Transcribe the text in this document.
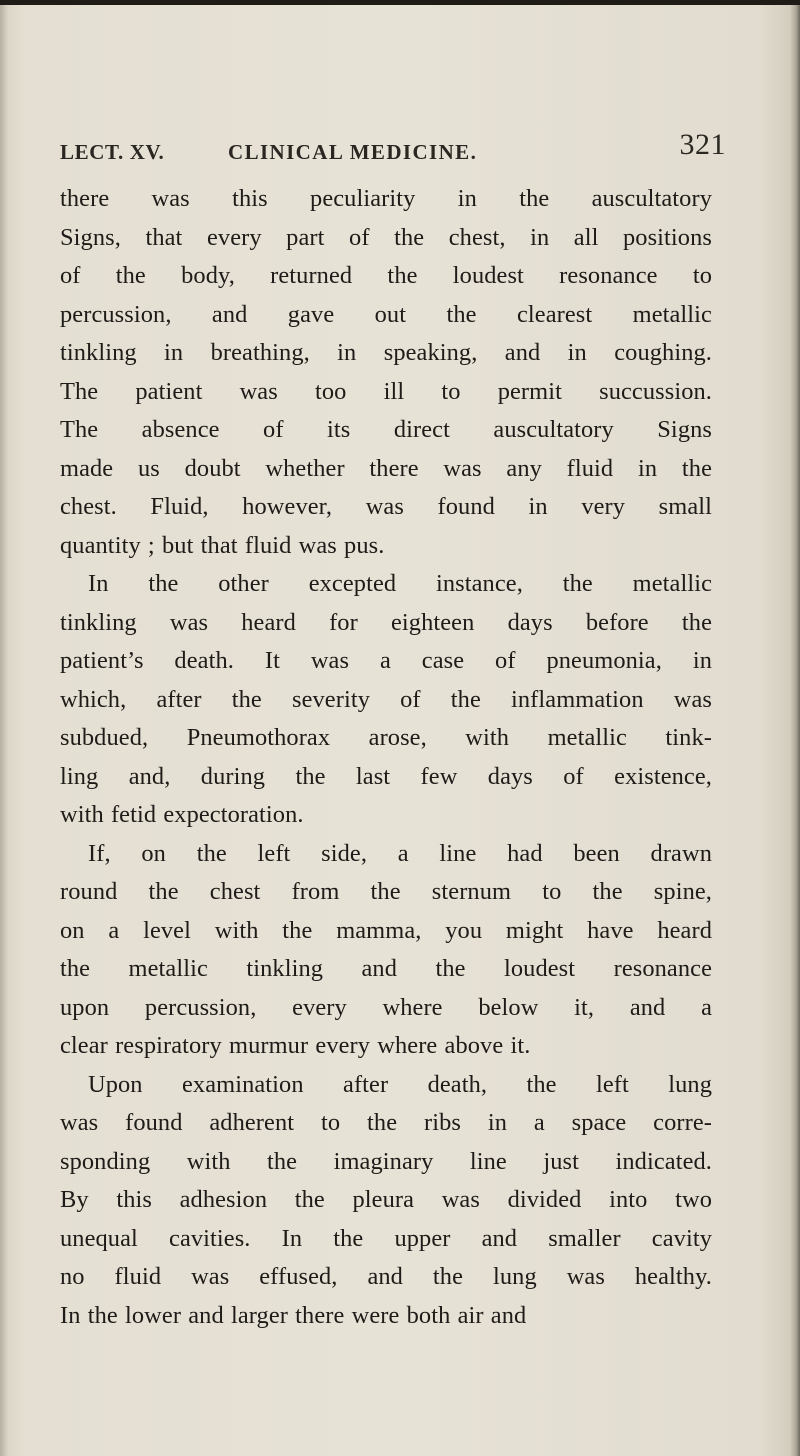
LECT. XV.	CLINICAL MEDICINE.	321
there was this peculiarity in the auscultatory
Signs, that every part of the chest, in all positions
of the body, returned the loudest resonance to
percussion, and gave out the clearest metallic
tinkling in breathing, in speaking, and in coughing.
The patient was too ill to permit succussion.
The absence of its direct auscultatory Signs
made us doubt whether there was any fluid in the
chest. Fluid, however, was found in very small
quantity ; but that fluid was pus.
In the other excepted instance, the metallic
tinkling was heard for eighteen days before the
patient’s death. It was a case of pneumonia, in
which, after the severity of the inflammation was
subdued, Pneumothorax arose, with metallic tink-
ling and, during the last few days of existence,
with fetid expectoration.
If, on the left side, a line had been drawn
round the chest from the sternum to the spine,
on a level with the mamma, you might have heard
the metallic tinkling and the loudest resonance
upon percussion, every where below it, and a
clear respiratory murmur every where above it.
Upon examination after death, the left lung
was found adherent to the ribs in a space corre-
sponding with the imaginary line just indicated.
By this adhesion the pleura was divided into two
unequal cavities. In the upper and smaller cavity
no fluid was effused, and the lung was healthy.
In the lower and larger there were both air and
